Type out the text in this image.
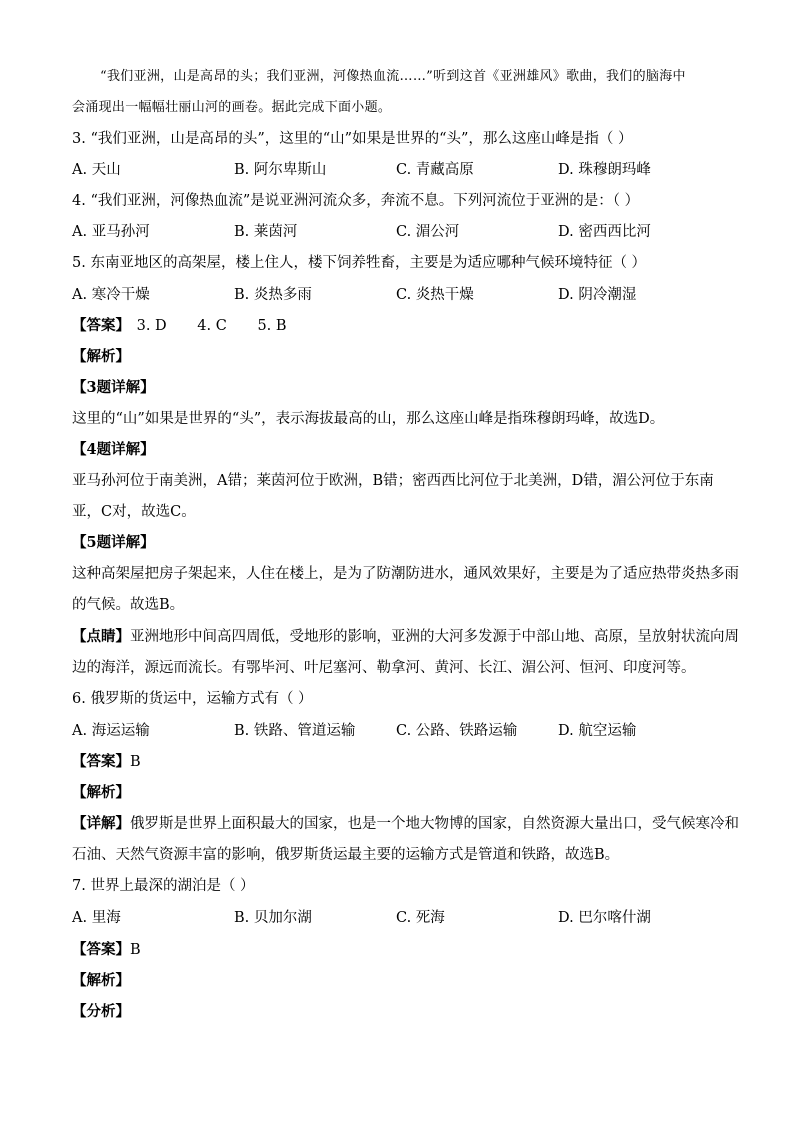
“我们亚洲，山是高昂的头；我们亚洲，河像热血流……”听到这首《亚洲雄风》歌曲，我们的脑海中
会涌现出一幅幅壮丽山河的画卷。据此完成下面小题。
3. “我们亚洲，山是高昂的头”，这里的“山”如果是世界的“头”，那么这座山峰是指（ ）
A. 天山	B. 阿尔卑斯山	C. 青藏高原	D. 珠穆朗玛峰
4. “我们亚洲，河像热血流”是说亚洲河流众多，奔流不息。下列河流位于亚洲的是：（ ）
A. 亚马孙河	B. 莱茵河	C. 湄公河	D. 密西西比河
5. 东南亚地区的高架屋，楼上住人，楼下饲养牲畜，主要是为适应哪种气候环境特征（ ）
A. 寒冷干燥	B. 炎热多雨	C. 炎热干燥	D. 阴冷潮湿
【答案】 3. D 4. C 5. B
【解析】
【3题详解】
这里的“山”如果是世界的“头”，表示海拔最高的山，那么这座山峰是指珠穆朗玛峰，故选D。
【4题详解】
亚马孙河位于南美洲，A错；莱茵河位于欧洲，B错；密西西比河位于北美洲，D错，湄公河位于东南
亚，C对，故选C。
【5题详解】
这种高架屋把房子架起来，人住在楼上，是为了防潮防进水，通风效果好，主要是为了适应热带炎热多雨
的气候。故选B。
【点睛】亚洲地形中间高四周低，受地形的影响，亚洲的大河多发源于中部山地、高原，呈放射状流向周
边的海洋，源远而流长。有鄂毕河、叶尼塞河、勒拿河、黄河、长江、湄公河、恒河、印度河等。
6. 俄罗斯的货运中，运输方式有（ ）
A. 海运运输	B. 铁路、管道运输	C. 公路、铁路运输	D. 航空运输
【答案】B
【解析】
【详解】俄罗斯是世界上面积最大的国家，也是一个地大物博的国家，自然资源大量出口，受气候寒冷和
石油、天然气资源丰富的影响，俄罗斯货运最主要的运输方式是管道和铁路，故选B。
7. 世界上最深的湖泊是（ ）
A. 里海	B. 贝加尔湖	C. 死海	D. 巴尔喀什湖
【答案】B
【解析】
【分析】
